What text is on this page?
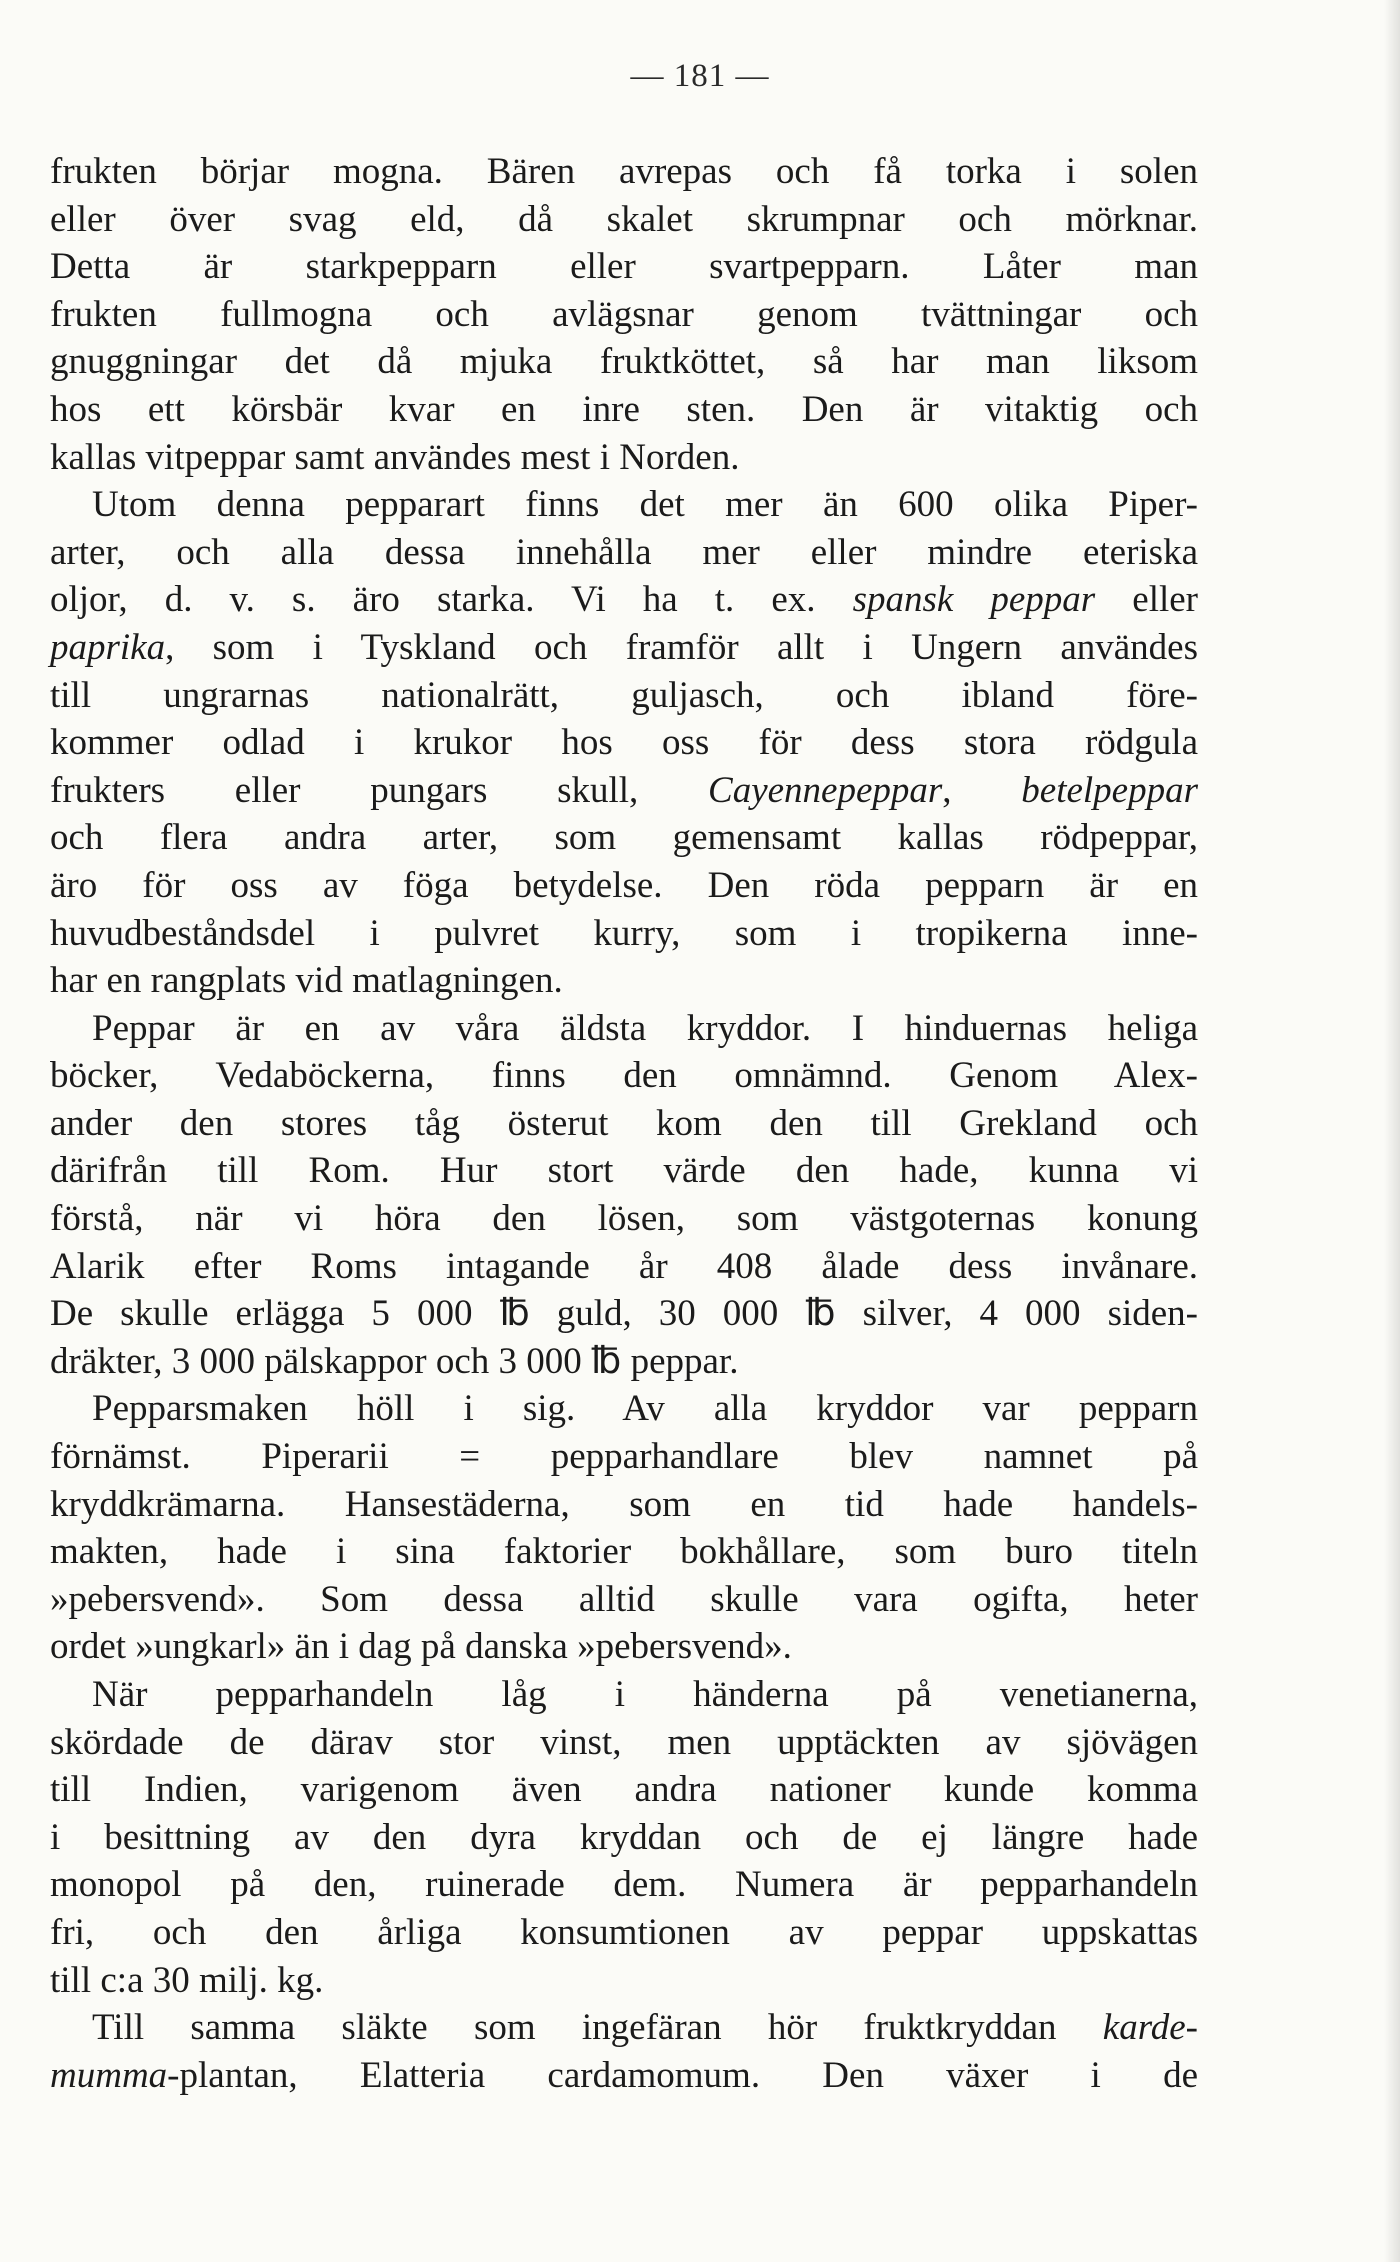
— 181 —
frukten börjar mogna. Bären avrepas och få torka i solen
eller över svag eld, då skalet skrumpnar och mörknar.
Detta är starkpepparn eller svartpepparn. Låter man
frukten fullmogna och avlägsnar genom tvättningar och
gnuggningar det då mjuka fruktköttet, så har man liksom
hos ett körsbär kvar en inre sten. Den är vitaktig och
kallas vitpeppar samt användes mest i Norden.
Utom denna pepparart finns det mer än 600 olika Piper-
arter, och alla dessa innehålla mer eller mindre eteriska
oljor, d. v. s. äro starka. Vi ha t. ex. spansk peppar eller
paprika, som i Tyskland och framför allt i Ungern användes
till ungrarnas nationalrätt, guljasch, och ibland före-
kommer odlad i krukor hos oss för dess stora rödgula
frukters eller pungars skull, Cayennepeppar, betelpeppar
och flera andra arter, som gemensamt kallas rödpeppar,
äro för oss av föga betydelse. Den röda pepparn är en
huvudbeståndsdel i pulvret kurry, som i tropikerna inne-
har en rangplats vid matlagningen.
Peppar är en av våra äldsta kryddor. I hinduernas heliga
böcker, Vedaböckerna, finns den omnämnd. Genom Alex-
ander den stores tåg österut kom den till Grekland och
därifrån till Rom. Hur stort värde den hade, kunna vi
förstå, när vi höra den lösen, som västgoternas konung
Alarik efter Roms intagande år 408 ålade dess invånare.
De skulle erlägga 5 000 ℔ guld, 30 000 ℔ silver, 4 000 siden-
dräkter, 3 000 pälskappor och 3 000 ℔ peppar.
Pepparsmaken höll i sig. Av alla kryddor var pepparn
förnämst. Piperarii = pepparhandlare blev namnet på
kryddkrämarna. Hansestäderna, som en tid hade handels-
makten, hade i sina faktorier bokhållare, som buro titeln
»pebersvend». Som dessa alltid skulle vara ogifta, heter
ordet »ungkarl» än i dag på danska »pebersvend».
När pepparhandeln låg i händerna på venetianerna,
skördade de därav stor vinst, men upptäckten av sjövägen
till Indien, varigenom även andra nationer kunde komma
i besittning av den dyra kryddan och de ej längre hade
monopol på den, ruinerade dem. Numera är pepparhandeln
fri, och den årliga konsumtionen av peppar uppskattas
till c:a 30 milj. kg.
Till samma släkte som ingefäran hör fruktkryddan karde-
mumma-plantan, Elatteria cardamomum. Den växer i de
